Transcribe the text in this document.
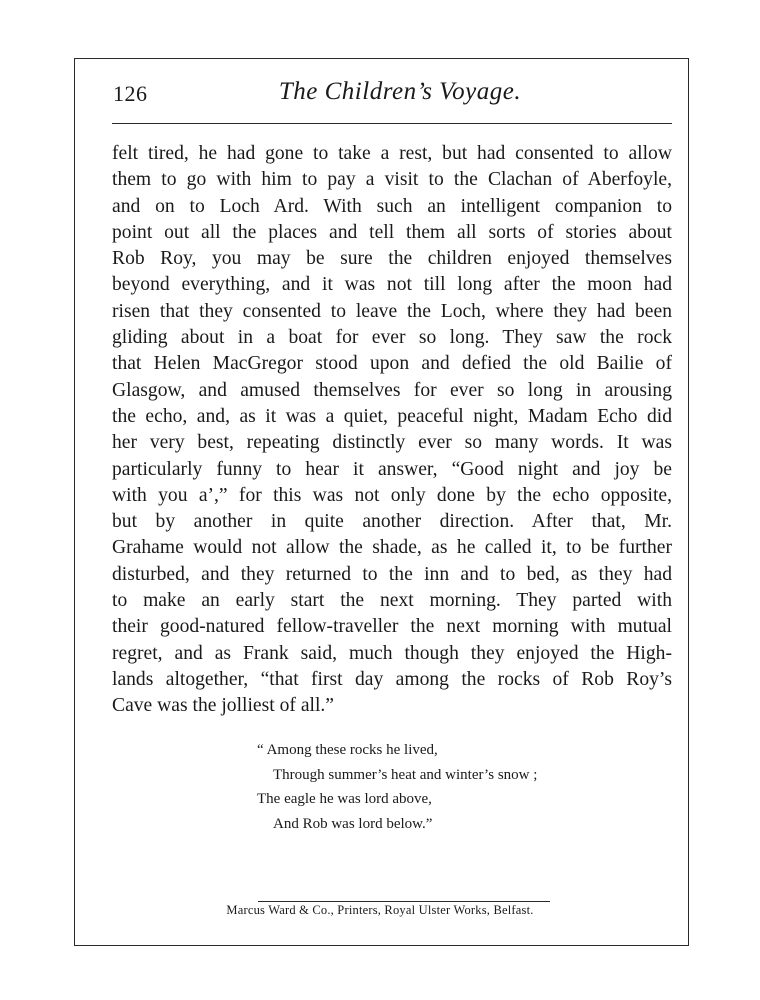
126	The Children’s Voyage.
felt tired, he had gone to take a rest, but had consented to allow
them to go with him to pay a visit to the Clachan of Aberfoyle,
and on to Loch Ard. With such an intelligent companion to
point out all the places and tell them all sorts of stories about
Rob Roy, you may be sure the children enjoyed themselves
beyond everything, and it was not till long after the moon had
risen that they consented to leave the Loch, where they had been
gliding about in a boat for ever so long. They saw the rock
that Helen MacGregor stood upon and defied the old Bailie of
Glasgow, and amused themselves for ever so long in arousing
the echo, and, as it was a quiet, peaceful night, Madam Echo did
her very best, repeating distinctly ever so many words. It was
particularly funny to hear it answer, “Good night and joy be
with you a’,” for this was not only done by the echo opposite,
but by another in quite another direction. After that, Mr.
Grahame would not allow the shade, as he called it, to be further
disturbed, and they returned to the inn and to bed, as they had
to make an early start the next morning. They parted with
their good-natured fellow-traveller the next morning with mutual
regret, and as Frank said, much though they enjoyed the High-
lands altogether, “that first day among the rocks of Rob Roy’s
Cave was the jolliest of all.”
“ Among these rocks he lived,
Through summer’s heat and winter’s snow ;
The eagle he was lord above,
And Rob was lord below.”
Marcus Ward & Co., Printers, Royal Ulster Works, Belfast.
